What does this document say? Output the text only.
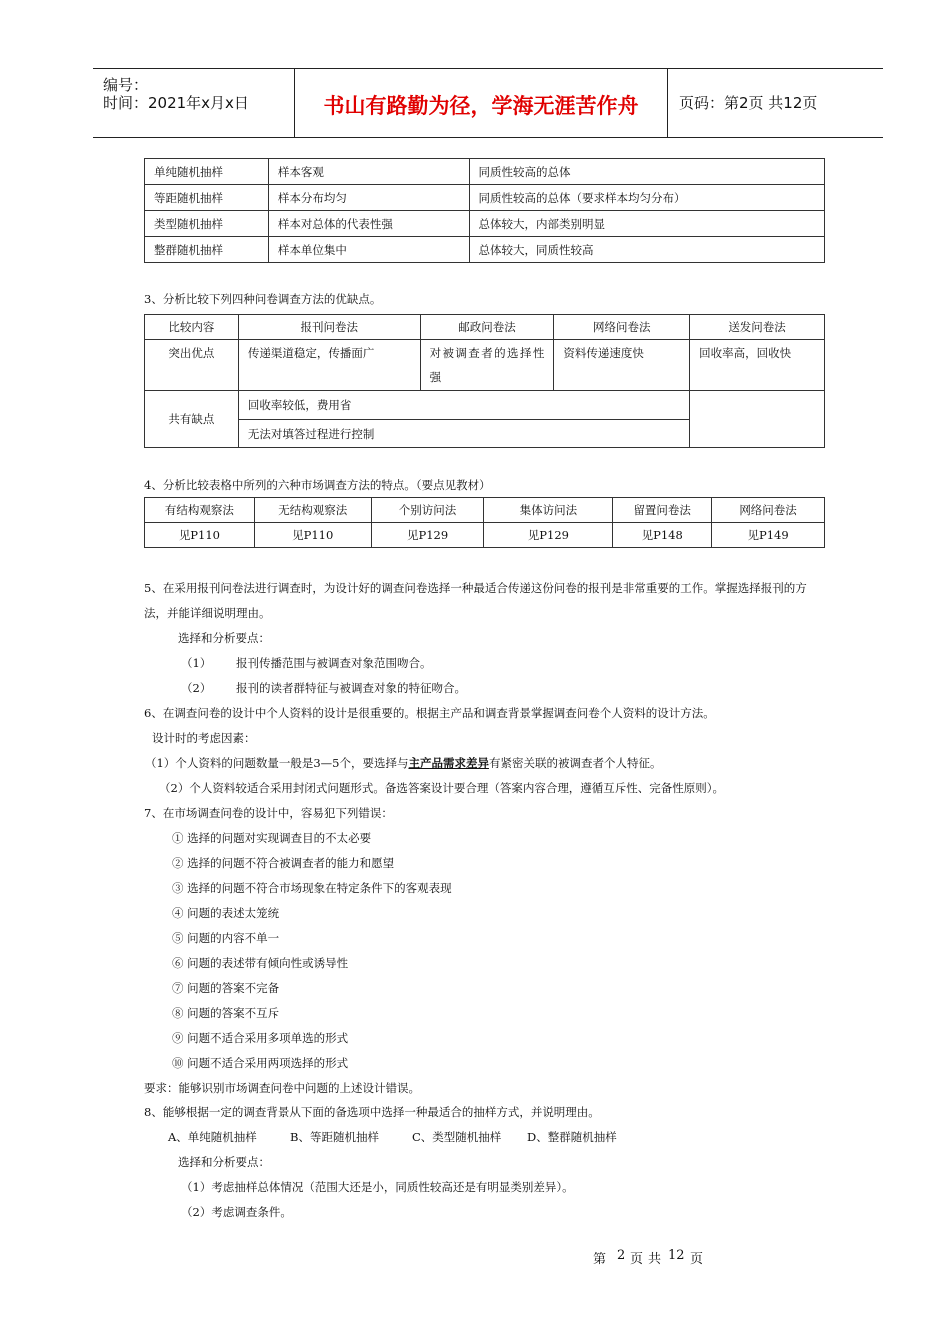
编号：
时间：2021年x月x日	书山有路勤为径，学海无涯苦作舟	页码：第2页 共12页
单纯随机抽样	样本客观	同质性较高的总体
等距随机抽样	样本分布均匀	同质性较高的总体（要求样本均匀分布）
类型随机抽样	样本对总体的代表性强	总体较大，内部类别明显
整群随机抽样	样本单位集中	总体较大，同质性较高
3、分析比较下列四种问卷调查方法的优缺点。
比较内容	报刊问卷法	邮政问卷法	网络问卷法	送发问卷法
突出优点	传递渠道稳定，传播面广	对被调查者的选择性强	资料传递速度快	回收率高，回收快
共有缺点	回收率较低，费用省			
	无法对填答过程进行控制			
4、分析比较表格中所列的六种市场调查方法的特点。（要点见教材）
有结构观察法	无结构观察法	个别访问法	集体访问法	留置问卷法	网络问卷法
见P110	见P110	见P129	见P129	见P148	见P149
5、在采用报刊问卷法进行调查时，为设计好的调查问卷选择一种最适合传递这份问卷的报刊是非常重要的工作。掌握选择报刊的方
法，并能详细说明理由。
选择和分析要点：
（1） 报刊传播范围与被调查对象范围吻合。
（2） 报刊的读者群特征与被调查对象的特征吻合。
6、在调查问卷的设计中个人资料的设计是很重要的。根据主产品和调查背景掌握调查问卷个人资料的设计方法。
设计时的考虑因素：
（1）个人资料的问题数量一般是3—5个，要选择与主产品需求差异有紧密关联的被调查者个人特征。
（2）个人资料较适合采用封闭式问题形式。备选答案设计要合理（答案内容合理，遵循互斥性、完备性原则）。
7、在市场调查问卷的设计中，容易犯下列错误：
① 选择的问题对实现调查目的不太必要
② 选择的问题不符合被调查者的能力和愿望
③ 选择的问题不符合市场现象在特定条件下的客观表现
④ 问题的表述太笼统
⑤ 问题的内容不单一
⑥ 问题的表述带有倾向性或诱导性
⑦ 问题的答案不完备
⑧ 问题的答案不互斥
⑨ 问题不适合采用多项单选的形式
⑩ 问题不适合采用两项选择的形式
要求：能够识别市场调查问卷中问题的上述设计错误。
8、能够根据一定的调查背景从下面的备选项中选择一种最适合的抽样方式，并说明理由。
A、单纯随机抽样	B、等距随机抽样	C、类型随机抽样 D、整群随机抽样
选择和分析要点：
（1）考虑抽样总体情况（范围大还是小，同质性较高还是有明显类别差异）。
（2）考虑调查条件。
第 2 页 共 12 页
